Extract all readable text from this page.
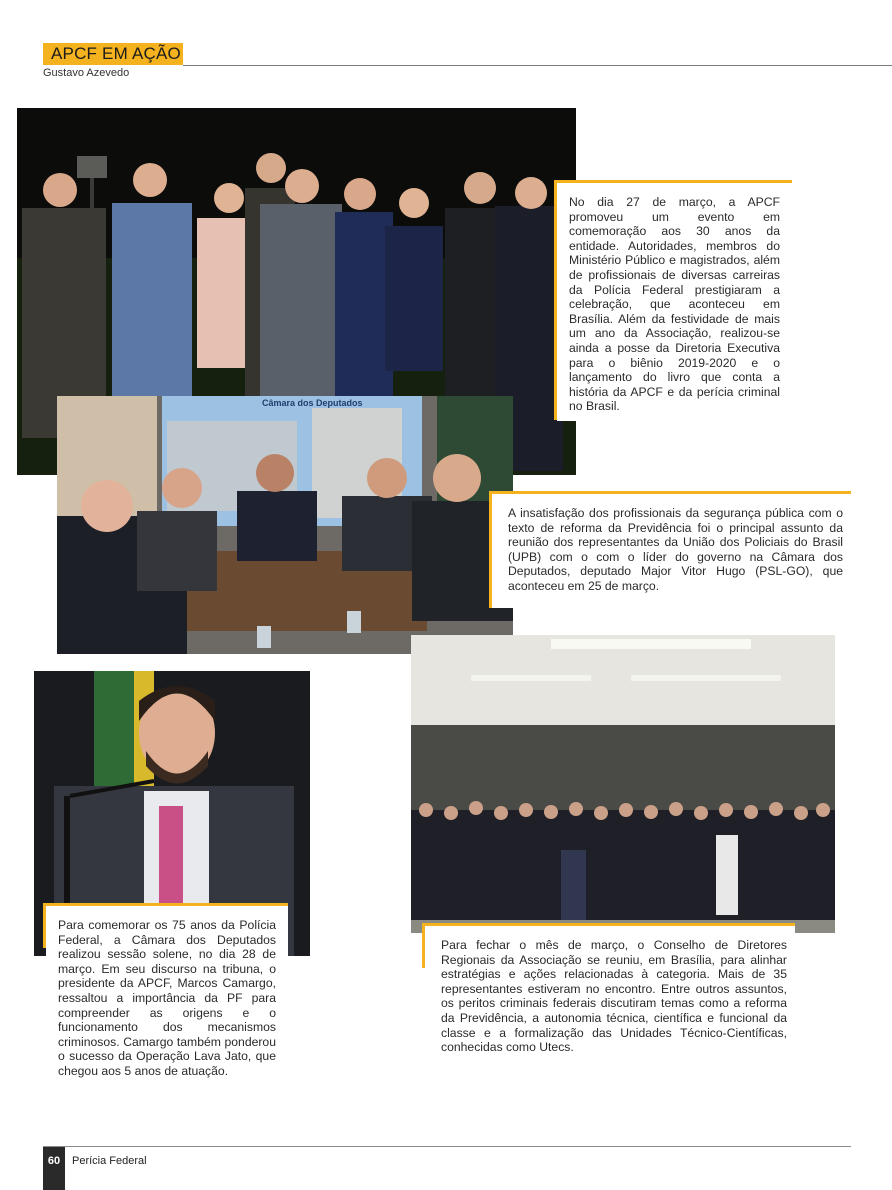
APCF EM AÇÃO
Gustavo Azevedo
No dia 27 de março, a APCF promoveu um evento em comemoração aos 30 anos da entidade. Autoridades, membros do Ministério Público e magistrados, além de profissionais de diversas carreiras da Polícia Federal prestigiaram a celebração, que aconteceu em Brasília. Além da festividade de mais um ano da Associação, realizou-se ainda a posse da Diretoria Executiva para o biênio 2019-2020 e o lançamento do livro que conta a história da APCF e da perícia criminal no Brasil.
Câmara dos Deputados
A insatisfação dos profissionais da segurança pública com o texto de reforma da Previdência foi o principal assunto da reunião dos representantes da União dos Policiais do Brasil (UPB) com o com o líder do governo na Câmara dos Deputados, deputado Major Vitor Hugo (PSL-GO), que aconteceu em 25 de março.
Para comemorar os 75 anos da Polícia Federal, a Câmara dos Deputados realizou sessão solene, no dia 28 de março. Em seu discurso na tribuna, o presidente da APCF, Marcos Camargo, ressaltou a importância da PF para compreender as origens e o funcionamento dos mecanismos criminosos. Camargo também ponderou o sucesso da Operação Lava Jato, que chegou aos 5 anos de atuação.
Para fechar o mês de março, o Conselho de Diretores Regionais da Associação se reuniu, em Brasília, para alinhar estratégias e ações relacionadas à categoria. Mais de 35 representantes estiveram no encontro. Entre outros assuntos, os peritos criminais federais discutiram temas como a reforma da Previdência, a autonomia técnica, científica e funcional da classe e a formalização das Unidades Técnico-Científicas, conhecidas como Utecs.
60	Perícia Federal
